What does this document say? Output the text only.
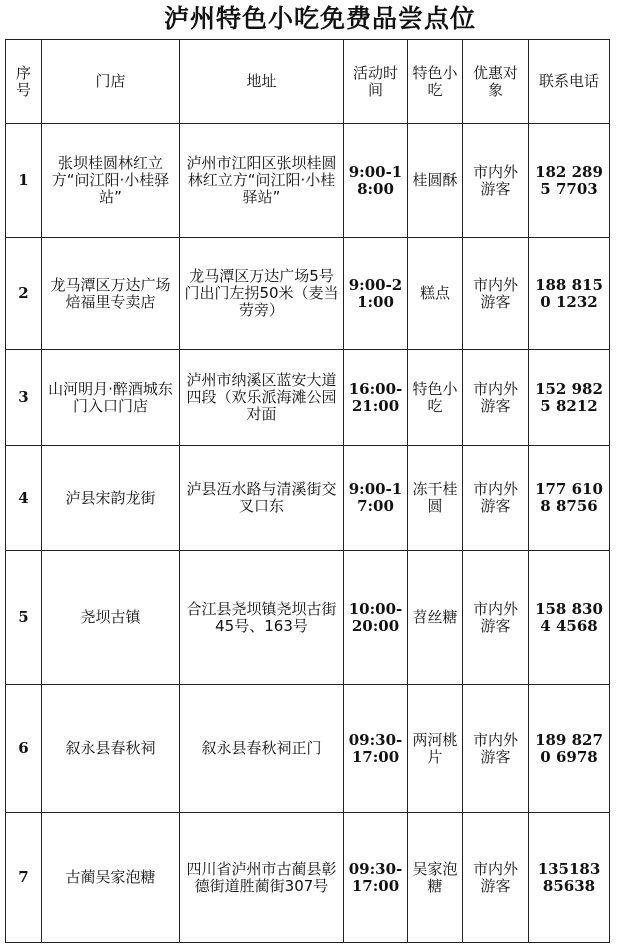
泸州特色小吃免费品尝点位
序号	门店	地址	活动时间	特色小吃	优惠对象	联系电话
1	张坝桂圆林红立方“问江阳·小桂驿站”	泸州市江阳区张坝桂圆林红立方“问江阳·小桂驿站”	9:00-18:00	桂圆酥	市内外游客	182 2895 7703
2	龙马潭区万达广场焙福里专卖店	龙马潭区万达广场5号门出门左拐50米（麦当劳旁）	9:00-21:00	糕点	市内外游客	188 8150 1232
3	山河明月·醉酒城东门入口门店	泸州市纳溪区蓝安大道四段（欢乐派海滩公园对面	16:00-21:00	特色小吃	市内外游客	152 9825 8212
4	泸县宋韵龙街	泸县冱水路与清溪街交叉口东	9:00-17:00	冻干桂圆	市内外游客	177 6108 8756
5	尧坝古镇	合江县尧坝镇尧坝古街45号、163号	10:00-20:00	苕丝糖	市内外游客	158 8304 4568
6	叙永县春秋祠	叙永县春秋祠正门	09:30-17:00	两河桃片	市内外游客	189 8270 6978
7	古蔺吴家泡糖	四川省泸州市古蔺县彰德街道胜蔺街307号	09:30-17:00	吴家泡糖	市内外游客	135183 85638
